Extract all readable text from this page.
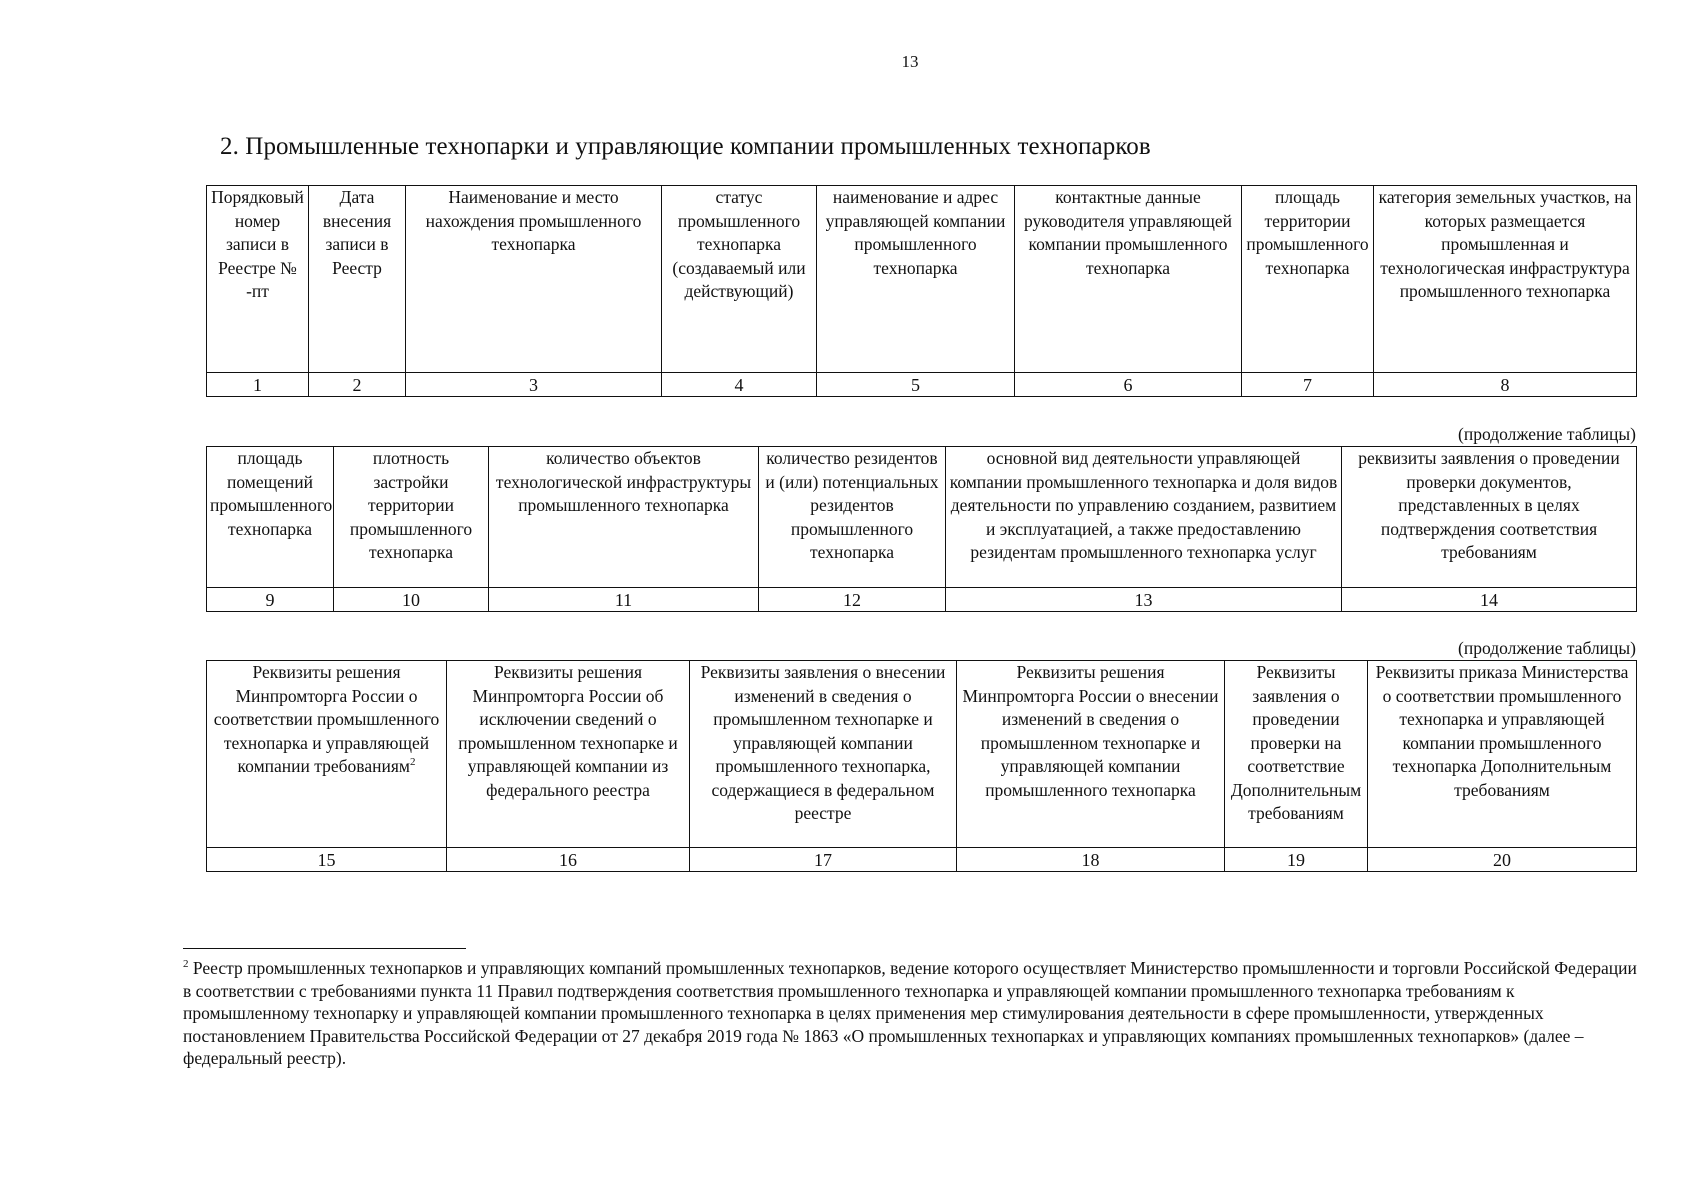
13
2. Промышленные технопарки и управляющие компании промышленных технопарков
Порядковый номер записи в Реестре № -пт	Дата внесения записи в Реестр	Наименование и место нахождения промышленного технопарка	статус промышленного технопарка (создаваемый или действующий)	наименование и адрес управляющей компании промышленного технопарка	контактные данные руководителя управляющей компании промышленного технопарка	площадь территории промышленного технопарка	категория земельных участков, на которых размещается промышленная и технологическая инфраструктура промышленного технопарка
1	2	3	4	5	6	7	8
(продолжение таблицы)
площадь помещений промышленного технопарка	плотность застройки территории промышленного технопарка	количество объектов технологической инфраструктуры промышленного технопарка	количество резидентов и (или) потенциальных резидентов промышленного технопарка	основной вид деятельности управляющей компании промышленного технопарка и доля видов деятельности по управлению созданием, развитием и эксплуатацией, а также предоставлению резидентам промышленного технопарка услуг	реквизиты заявления о проведении проверки документов, представленных в целях подтверждения соответствия требованиям
9	10	11	12	13	14
(продолжение таблицы)
Реквизиты решения Минпромторга России о соответствии промышленного технопарка и управляющей компании требованиям$^2$	Реквизиты решения Минпромторга России об исключении сведений о промышленном технопарке и управляющей компании из федерального реестра	Реквизиты заявления о внесении изменений в сведения о промышленном технопарке и управляющей компании промышленного технопарка, содержащиеся в федеральном реестре	Реквизиты решения Минпромторга России о внесении изменений в сведения о промышленном технопарке и управляющей компании промышленного технопарка	Реквизиты заявления о проведении проверки на соответствие Дополнительным требованиям	Реквизиты приказа Министерства о соответствии промышленного технопарка и управляющей компании промышленного технопарка Дополнительным требованиям
15	16	17	18	19	20
$^2$ Реестр промышленных технопарков и управляющих компаний промышленных технопарков, ведение которого осуществляет Министерство промышленности и торговли Российской Федерации в соответствии с требованиями пункта 11 Правил подтверждения соответствия промышленного технопарка и управляющей компании промышленного технопарка требованиям к промышленному технопарку и управляющей компании промышленного технопарка в целях применения мер стимулирования деятельности в сфере промышленности, утвержденных постановлением Правительства Российской Федерации от 27 декабря 2019 года № 1863 «О промышленных технопарках и управляющих компаниях промышленных технопарков» (далее – федеральный реестр).
